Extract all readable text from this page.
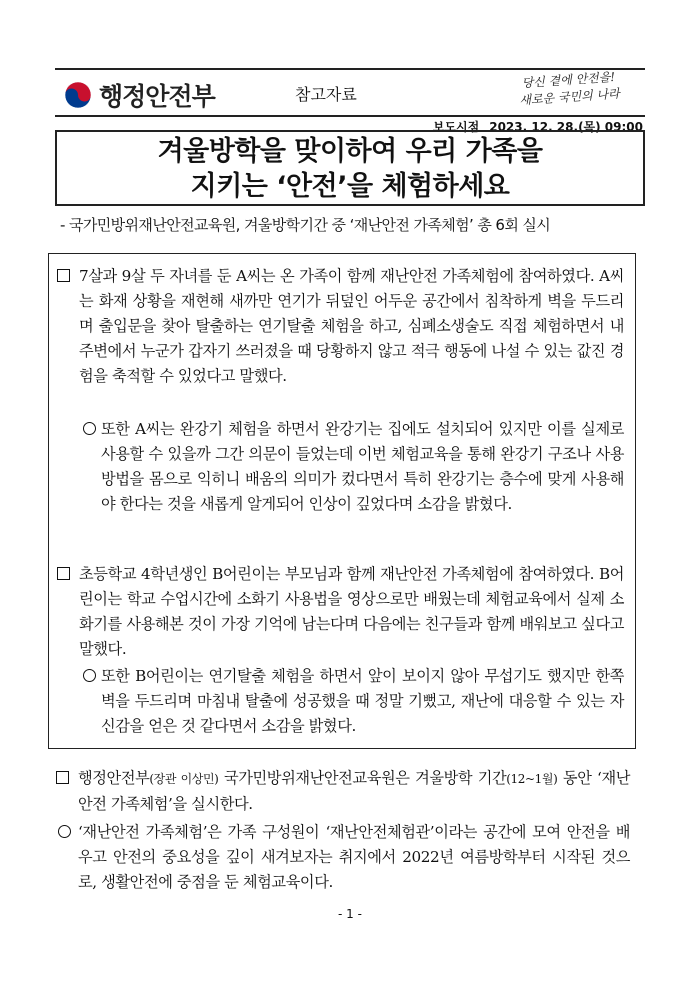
행정안전부	참고자료
당신 곁에 안전을!
새로운 국민의 나라
보도시점 2023. 12. 28.(목) 09:00
겨울방학을 맞이하여 우리 가족을
지키는 ‘안전’을 체험하세요
- 국가민방위재난안전교육원, 겨울방학기간 중 ‘재난안전 가족체험’ 총 6회 실시
7살과 9살 두 자녀를 둔 A씨는 온 가족이 함께 재난안전 가족체험에 참여하였다. A씨는 화재 상황을 재현해 새까만 연기가 뒤덮인 어두운 공간에서 침착하게 벽을 두드리며 출입문을 찾아 탈출하는 연기탈출 체험을 하고, 심폐소생술도 직접 체험하면서 내 주변에서 누군가 갑자기 쓰러졌을 때 당황하지 않고 적극 행동에 나설 수 있는 값진 경험을 축적할 수 있었다고 말했다.
또한 A씨는 완강기 체험을 하면서 완강기는 집에도 설치되어 있지만 이를 실제로 사용할 수 있을까 그간 의문이 들었는데 이번 체험교육을 통해 완강기 구조나 사용 방법을 몸으로 익히니 배움의 의미가 컸다면서 특히 완강기는 층수에 맞게 사용해야 한다는 것을 새롭게 알게되어 인상이 깊었다며 소감을 밝혔다.
초등학교 4학년생인 B어린이는 부모님과 함께 재난안전 가족체험에 참여하였다. B어린이는 학교 수업시간에 소화기 사용법을 영상으로만 배웠는데 체험교육에서 실제 소화기를 사용해본 것이 가장 기억에 남는다며 다음에는 친구들과 함께 배워보고 싶다고 말했다.
또한 B어린이는 연기탈출 체험을 하면서 앞이 보이지 않아 무섭기도 했지만 한쪽 벽을 두드리며 마침내 탈출에 성공했을 때 정말 기뻤고, 재난에 대응할 수 있는 자신감을 얻은 것 같다면서 소감을 밝혔다.
행정안전부(장관 이상민) 국가민방위재난안전교육원은 겨울방학 기간(12~1월) 동안 ‘재난안전 가족체험’을 실시한다.
‘재난안전 가족체험’은 가족 구성원이 ‘재난안전체험관’이라는 공간에 모여 안전을 배우고 안전의 중요성을 깊이 새겨보자는 취지에서 2022년 여름방학부터 시작된 것으로, 생활안전에 중점을 둔 체험교육이다.
- 1 -
